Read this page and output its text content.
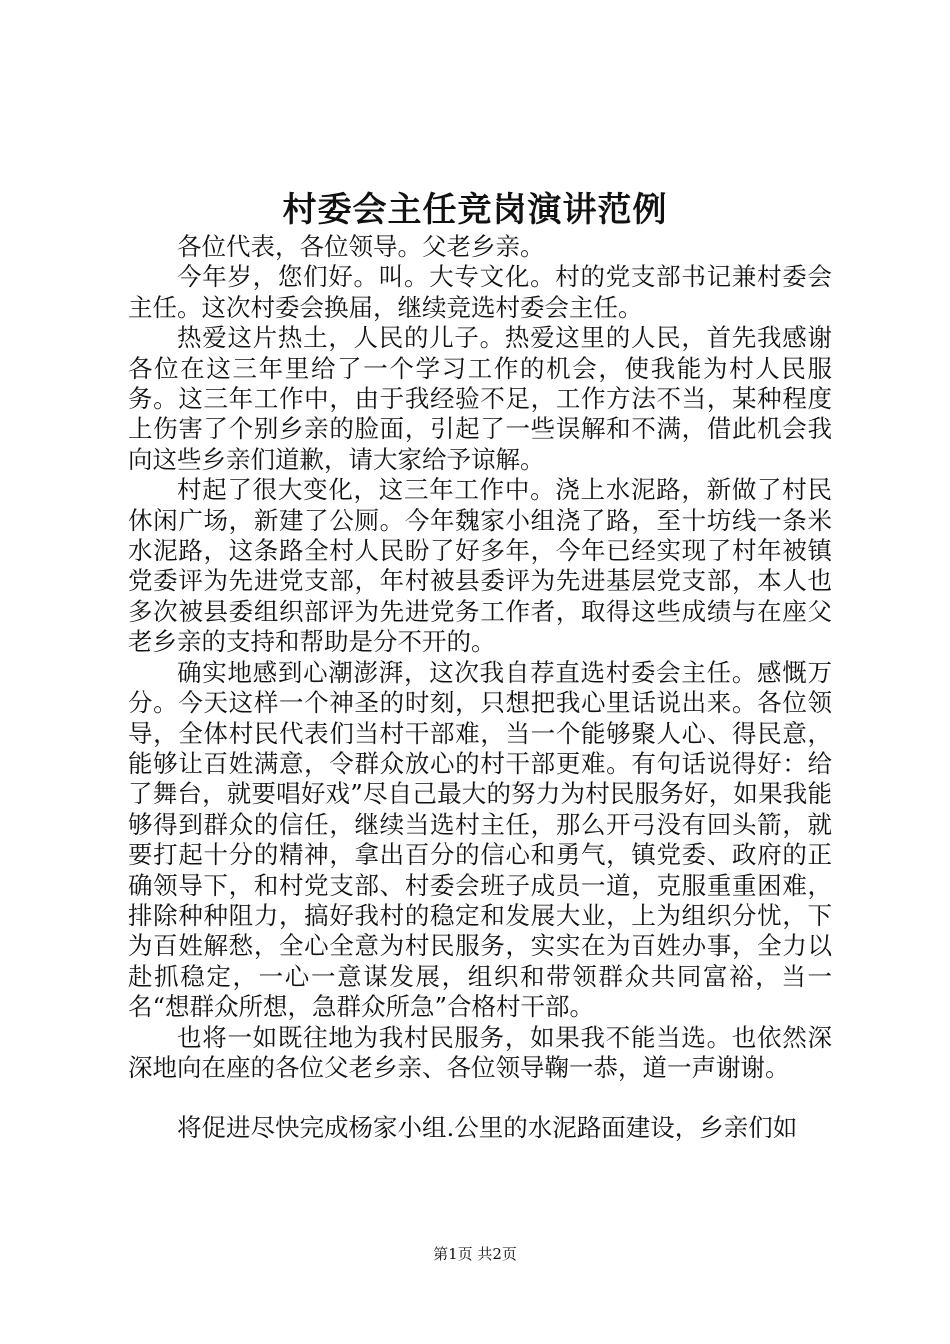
村委会主任竞岗演讲范例

各位代表，各位领导。父老乡亲。

今年岁，您们好。叫。大专文化。村的党支部书记兼村委会主任。这次村委会换届，继续竞选村委会主任。

热爱这片热土，人民的儿子。热爱这里的人民，首先我感谢各位在这三年里给了一个学习工作的机会，使我能为村人民服务。这三年工作中，由于我经验不足，工作方法不当，某种程度上伤害了个别乡亲的脸面，引起了一些误解和不满，借此机会我向这些乡亲们道歉，请大家给予谅解。

村起了很大变化，这三年工作中。浇上水泥路，新做了村民休闲广场，新建了公厕。今年魏家小组浇了路，至十坊线一条米水泥路，这条路全村人民盼了好多年，今年已经实现了村年被镇党委评为先进党支部，年村被县委评为先进基层党支部，本人也多次被县委组织部评为先进党务工作者，取得这些成绩与在座父老乡亲的支持和帮助是分不开的。

确实地感到心潮澎湃，这次我自荐直选村委会主任。感慨万分。今天这样一个神圣的时刻，只想把我心里话说出来。各位领导，全体村民代表们当村干部难，当一个能够聚人心、得民意，能够让百姓满意，令群众放心的村干部更难。有句话说得好：给了舞台，就要唱好戏”尽自己最大的努力为村民服务好，如果我能够得到群众的信任，继续当选村主任，那么开弓没有回头箭，就要打起十分的精神，拿出百分的信心和勇气，镇党委、政府的正确领导下，和村党支部、村委会班子成员一道，克服重重困难，排除种种阻力，搞好我村的稳定和发展大业，上为组织分忧，下为百姓解愁，全心全意为村民服务，实实在为百姓办事，全力以赴抓稳定，一心一意谋发展，组织和带领群众共同富裕，当一名“想群众所想，急群众所急”合格村干部。

也将一如既往地为我村民服务，如果我不能当选。也依然深深地向在座的各位父老乡亲、各位领导鞠一恭，道一声谢谢。

将促进尽快完成杨家小组.公里的水泥路面建设，乡亲们如

第1页 共2页
